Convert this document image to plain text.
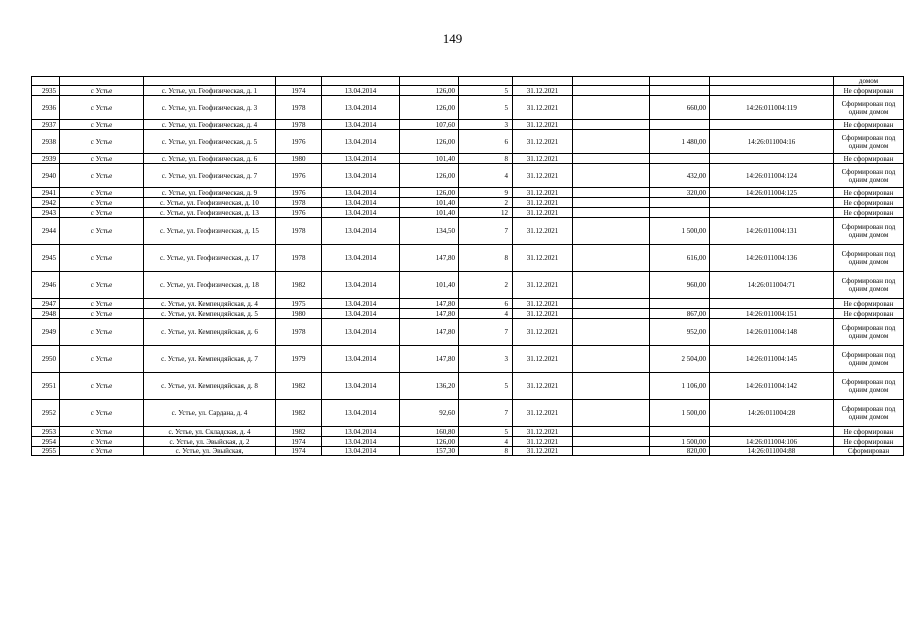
149
											домом
2935	с Устье	с. Устье, ул. Геофизическая, д. 1	1974	13.04.2014	126,00	5	31.12.2021				Не сформирован
2936	с Устье	с. Устье, ул. Геофизическая, д. 3	1978	13.04.2014	126,00	5	31.12.2021		660,00	14:26:011004:119	Сформирован под одним домом
2937	с Устье	с. Устье, ул. Геофизическая, д. 4	1978	13.04.2014	107,60	3	31.12.2021				Не сформирован
2938	с Устье	с. Устье, ул. Геофизическая, д. 5	1976	13.04.2014	126,00	6	31.12.2021		1 480,00	14:26:011004:16	Сформирован под одним домом
2939	с Устье	с. Устье, ул. Геофизическая, д. 6	1980	13.04.2014	101,40	8	31.12.2021				Не сформирован
2940	с Устье	с. Устье, ул. Геофизическая, д. 7	1976	13.04.2014	126,00	4	31.12.2021		432,00	14:26:011004:124	Сформирован под одним домом
2941	с Устье	с. Устье, ул. Геофизическая, д. 9	1976	13.04.2014	126,00	9	31.12.2021		320,00	14:26:011004:125	Не сформирован
2942	с Устье	с. Устье, ул. Геофизическая, д. 10	1978	13.04.2014	101,40	2	31.12.2021				Не сформирован
2943	с Устье	с. Устье, ул. Геофизическая, д. 13	1976	13.04.2014	101,40	12	31.12.2021				Не сформирован
2944	с Устье	с. Устье, ул. Геофизическая, д. 15	1978	13.04.2014	134,50	7	31.12.2021		1 500,00	14:26:011004:131	Сформирован под одним домом
2945	с Устье	с. Устье, ул. Геофизическая, д. 17	1978	13.04.2014	147,80	8	31.12.2021		616,00	14:26:011004:136	Сформирован под одним домом
2946	с Устье	с. Устье, ул. Геофизическая, д. 18	1982	13.04.2014	101,40	2	31.12.2021		960,00	14:26:011004:71	Сформирован под одним домом
2947	с Устье	с. Устье, ул. Кемпендяйская, д. 4	1975	13.04.2014	147,80	6	31.12.2021				Не сформирован
2948	с Устье	с. Устье, ул. Кемпендяйская, д. 5	1980	13.04.2014	147,80	4	31.12.2021		867,00	14:26:011004:151	Не сформирован
2949	с Устье	с. Устье, ул. Кемпендяйская, д. 6	1978	13.04.2014	147,80	7	31.12.2021		952,00	14:26:011004:148	Сформирован под одним домом
2950	с Устье	с. Устье, ул. Кемпендяйская, д. 7	1979	13.04.2014	147,80	3	31.12.2021		2 504,00	14:26:011004:145	Сформирован под одним домом
2951	с Устье	с. Устье, ул. Кемпендяйская, д. 8	1982	13.04.2014	136,20	5	31.12.2021		1 106,00	14:26:011004:142	Сформирован под одним домом
2952	с Устье	с. Устье, ул. Сардана, д. 4	1982	13.04.2014	92,60	7	31.12.2021		1 500,00	14:26:011004:28	Сформирован под одним домом
2953	с Устье	с. Устье, ул. Складская, д. 4	1982	13.04.2014	160,80	5	31.12.2021				Не сформирован
2954	с Устье	с. Устье, ул. Эвыйская, д. 2	1974	13.04.2014	126,00	4	31.12.2021		1 500,00	14:26:011004:106	Не сформирован
2955	с Устье	с. Устье, ул. Эвыйская,	1974	13.04.2014	157,30	8	31.12.2021		820,00	14:26:011004:88	Сформирован
